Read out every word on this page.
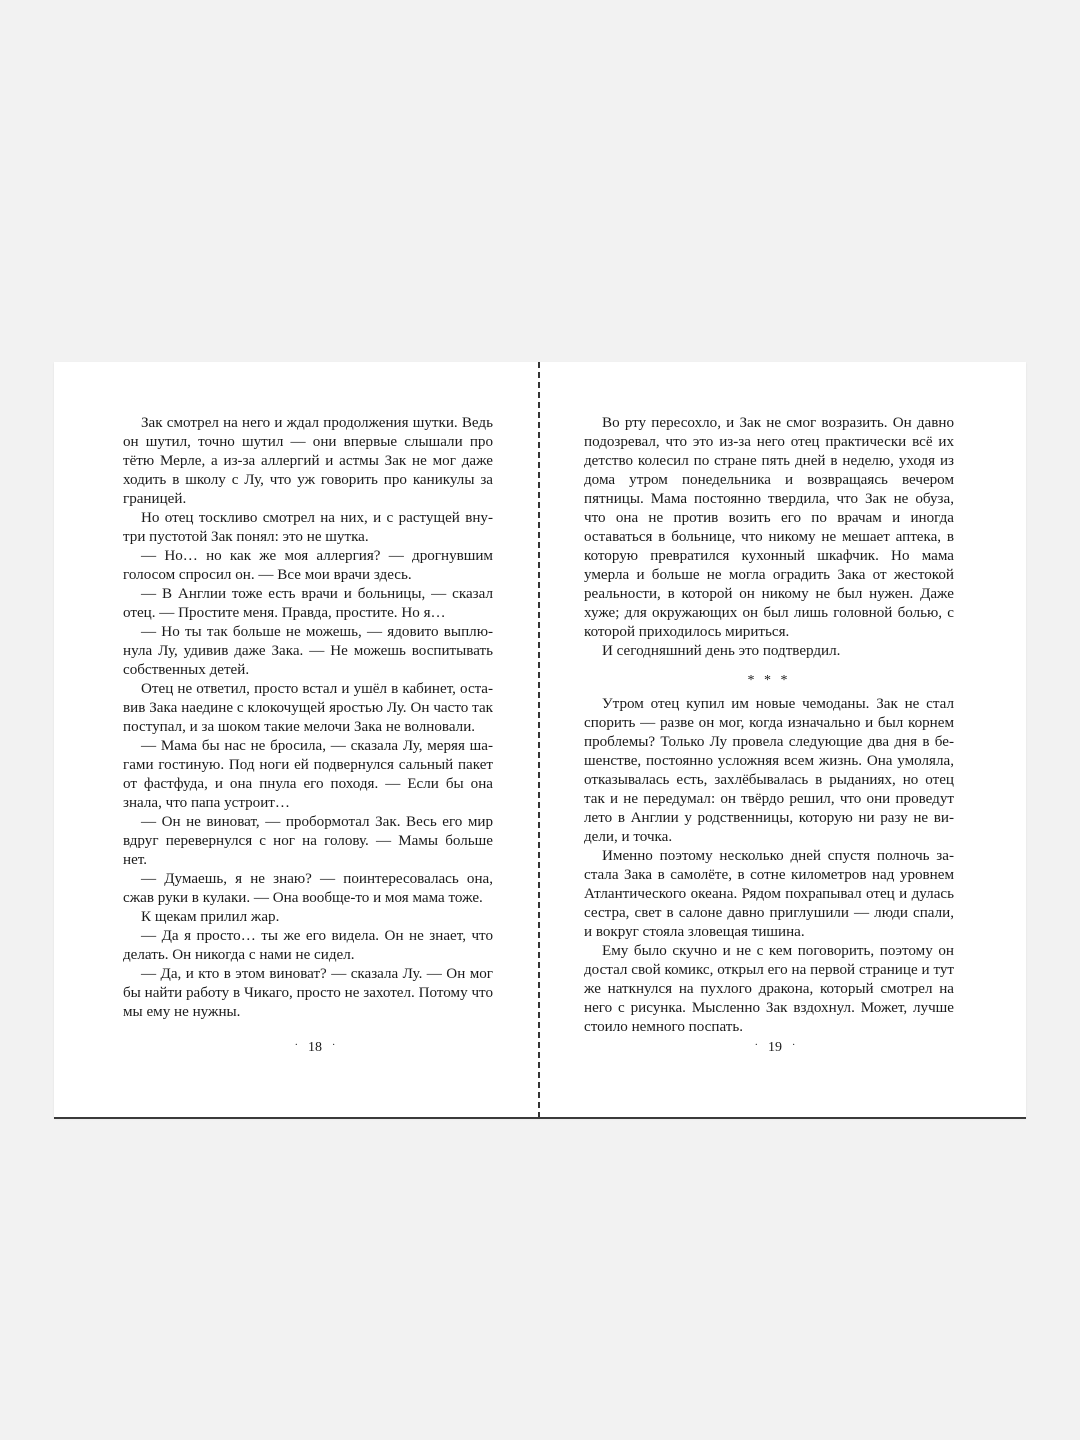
Зак смотрел на него и ждал продолжения шутки. Ведь он шутил, точно шутил — они впервые слышали про тётю Мерле, а из-за аллергий и астмы Зак не мог даже ходить в школу с Лу, что уж говорить про каникулы за границей.

Но отец тоскливо смотрел на них, и с растущей внутри пустотой Зак понял: это не шутка.

— Но… но как же моя аллергия? — дрогнувшим голосом спросил он. — Все мои врачи здесь.

— В Англии тоже есть врачи и больницы, — сказал отец. — Простите меня. Правда, простите. Но я…

— Но ты так больше не можешь, — ядовито выплюнула Лу, удивив даже Зака. — Не можешь воспитывать собственных детей.

Отец не ответил, просто встал и ушёл в кабинет, остaвив Зака наедине с клокочущей яростью Лу. Он часто так поступал, и за шоком такие мелочи Зака не волновали.

— Мама бы нас не бросила, — сказала Лу, меряя шагами гостиную. Под ноги ей подвернулся сальный пакет от фастфуда, и она пнула его походя. — Если бы она знала, что папа устроит…

— Он не виноват, — пробормотал Зак. Весь его мир вдруг перевернулся с ног на голову. — Мамы больше нет.

— Думаешь, я не знаю? — поинтересовалась она, сжав руки в кулаки. — Она вообще-то и моя мама тоже.

К щекам прилил жар.

— Да я просто… ты же его видела. Он не знает, что делать. Он никогда с нами не сидел.

— Да, и кто в этом виноват? — сказала Лу. — Он мог бы найти работу в Чикаго, просто не захотел. Потому что мы ему не нужны.

· 18 ·

Во рту пересохло, и Зак не смог возразить. Он давно подозревал, что это из-за него отец практически всё их детство колесил по стране пять дней в неделю, уходя из дома утром понедельника и возвращаясь вечером пятницы. Мама постоянно твердила, что Зак не обуза, что она не против возить его по врачам и иногда оставаться в больнице, что никому не мешает аптека, в которую превратился кухонный шкафчик. Но мама умерла и больше не могла оградить Зака от жестокой реальности, в которой он никому не был нужен. Даже хуже; для окружающих он был лишь головной болью, с которой приходилось мириться.

И сегодняшний день это подтвердил.

* * *

Утром отец купил им новые чемоданы. Зак не стал спорить — разве он мог, когда изначально и был корнем проблемы? Только Лу провела следующие два дня в бешенстве, постоянно усложняя всем жизнь. Она умоляла, отказывалась есть, захлёбывалась в рыданиях, но отец так и не передумал: он твёрдо решил, что они проведут лето в Англии у родственницы, которую ни разу не видели, и точка.

Именно поэтому несколько дней спустя полночь застала Зака в самолёте, в сотне километров над уровнем Атлантического океана. Рядом похрапывал отец и дулась сестра, свет в салоне давно приглушили — люди спали, и вокруг стояла зловещая тишина.

Ему было скучно и не с кем поговорить, поэтому он достал свой комикс, открыл его на первой странице и тут же наткнулся на пухлого дракона, который смотрел на него с рисунка. Мысленно Зак вздохнул. Может, лучше стоило немного поспать.

· 19 ·
